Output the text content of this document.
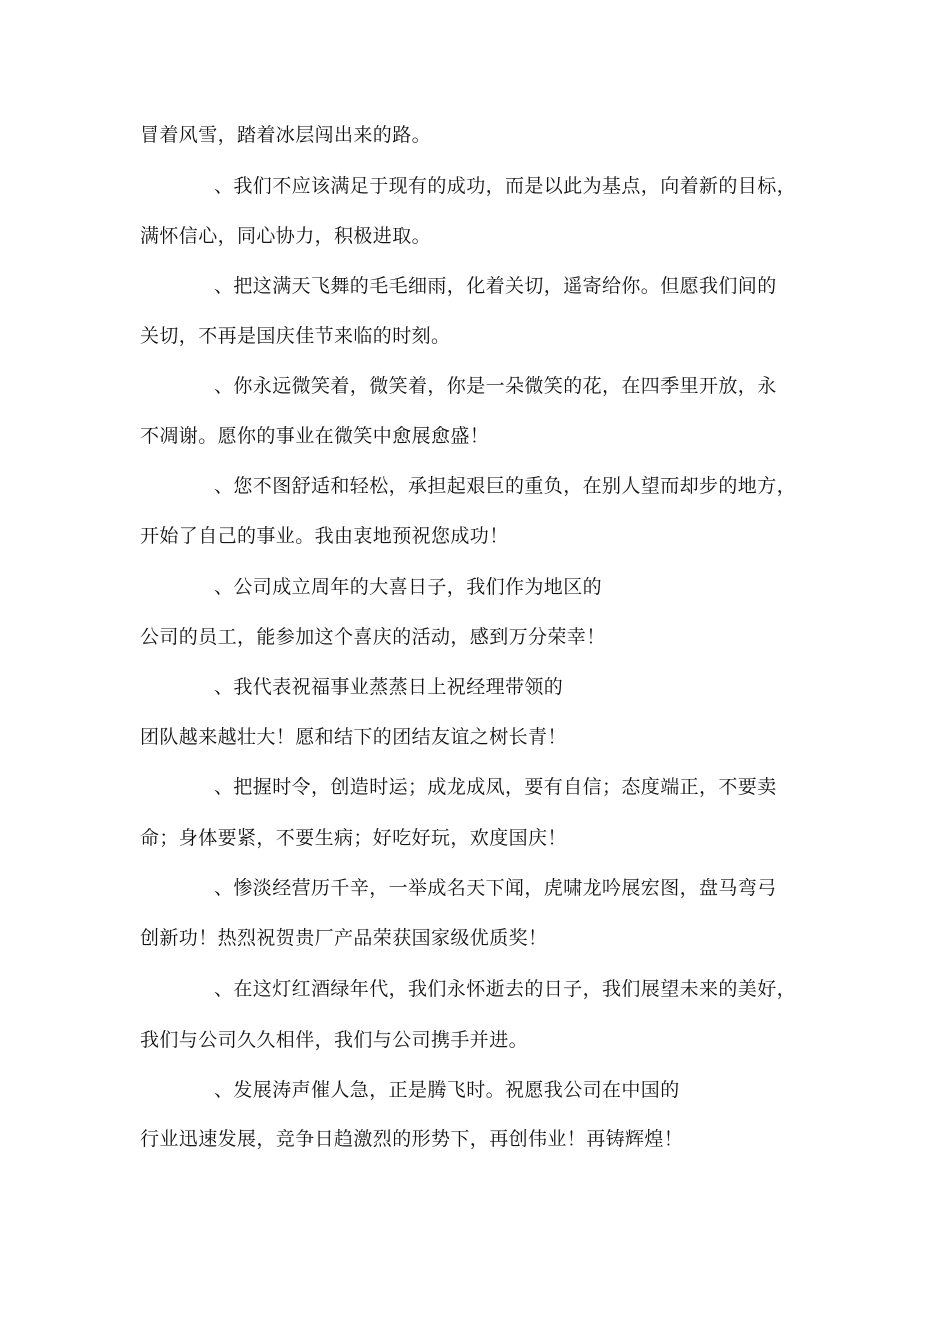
冒着风雪，踏着冰层闯出来的路。
、我们不应该满足于现有的成功，而是以此为基点，向着新的目标，
满怀信心，同心协力，积极进取。
、把这满天飞舞的毛毛细雨，化着关切，遥寄给你。但愿我们间的
关切，不再是国庆佳节来临的时刻。
、你永远微笑着，微笑着，你是一朵微笑的花，在四季里开放，永
不凋谢。愿你的事业在微笑中愈展愈盛！
、您不图舒适和轻松，承担起艰巨的重负，在别人望而却步的地方，
开始了自己的事业。我由衷地预祝您成功！
、公司成立周年的大喜日子，我们作为地区的
公司的员工，能参加这个喜庆的活动，感到万分荣幸！
、我代表祝福事业蒸蒸日上祝经理带领的
团队越来越壮大！愿和结下的团结友谊之树长青！
、把握时令，创造时运；成龙成凤，要有自信；态度端正，不要卖
命；身体要紧，不要生病；好吃好玩，欢度国庆！
、惨淡经营历千辛，一举成名天下闻，虎啸龙吟展宏图，盘马弯弓
创新功！热烈祝贺贵厂产品荣获国家级优质奖！
、在这灯红酒绿年代，我们永怀逝去的日子，我们展望未来的美好，
我们与公司久久相伴，我们与公司携手并进。
、发展涛声催人急，正是腾飞时。祝愿我公司在中国的
行业迅速发展，竞争日趋激烈的形势下，再创伟业！再铸辉煌！
